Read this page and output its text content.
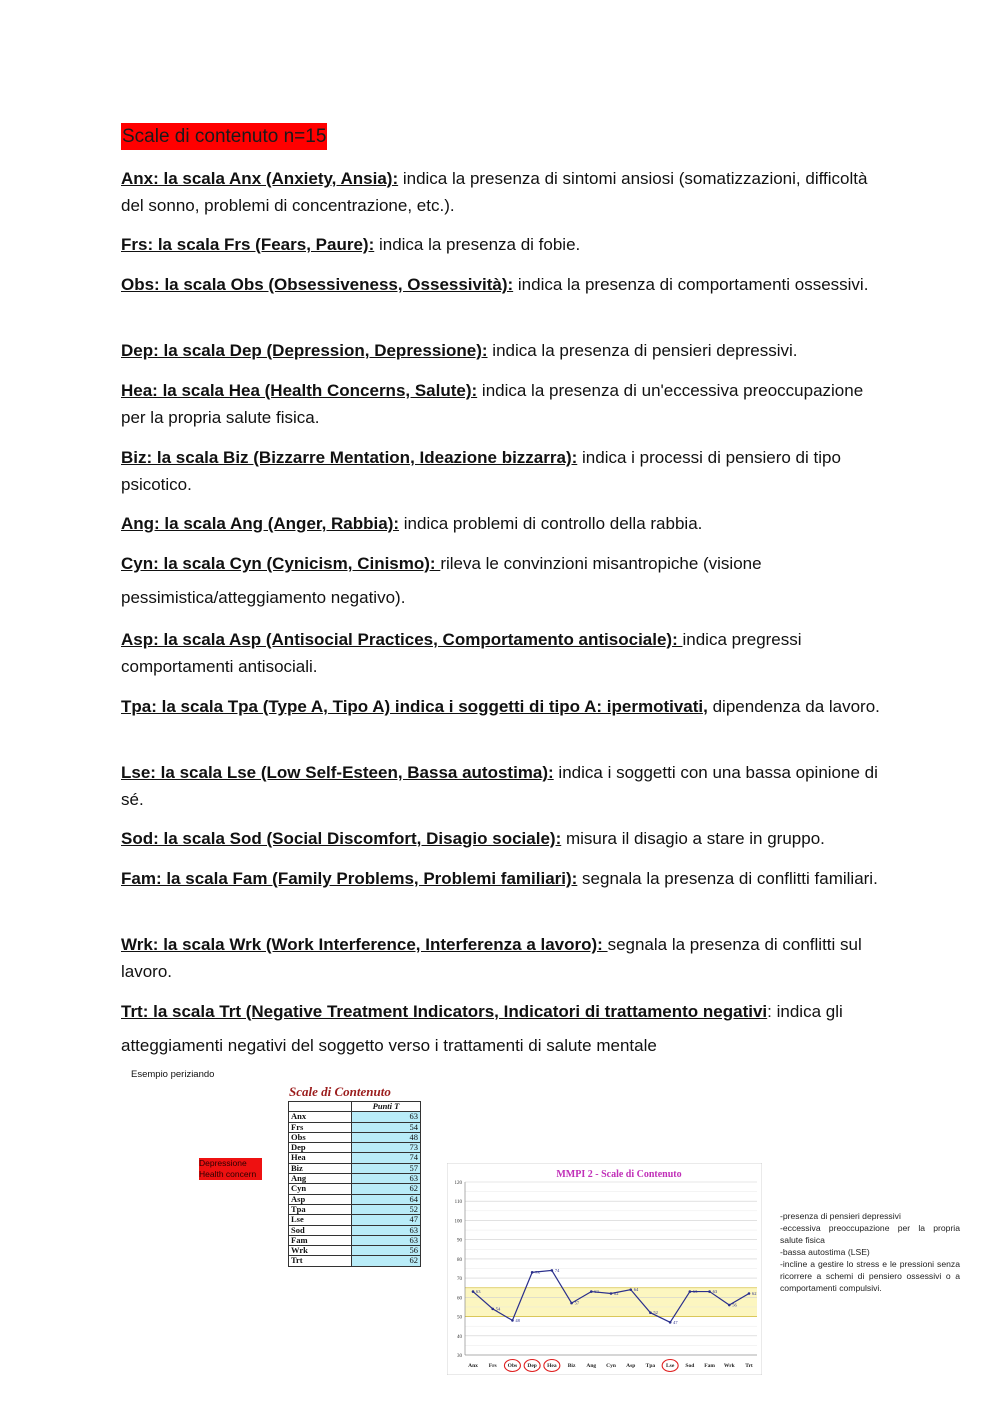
Scale di contenuto n=15

Anx: la scala Anx (Anxiety, Ansia): indica la presenza di sintomi ansiosi (somatizzazioni, difficoltà del sonno, problemi di concentrazione, etc.).

Frs: la scala Frs (Fears, Paure): indica la presenza di fobie.

Obs: la scala Obs (Obsessiveness, Ossessività): indica la presenza di comportamenti ossessivi.

Dep: la scala Dep (Depression, Depressione): indica la presenza di pensieri depressivi.

Hea: la scala Hea (Health Concerns, Salute): indica la presenza di un'eccessiva preoccupazione per la propria salute fisica.

Biz: la scala Biz (Bizzarre Mentation, Ideazione bizzarra): indica i processi di pensiero di tipo psicotico.

Ang: la scala Ang (Anger, Rabbia): indica problemi di controllo della rabbia.

Cyn: la scala Cyn (Cynicism, Cinismo): rileva le convinzioni misantropiche (visione pessimistica/atteggiamento negativo).

Asp: la scala Asp (Antisocial Practices, Comportamento antisociale): indica pregressi comportamenti antisociali.

Tpa: la scala Tpa (Type A, Tipo A) indica i soggetti di tipo A: ipermotivati, dipendenza da lavoro.

Lse: la scala Lse (Low Self-Esteen, Bassa autostima): indica i soggetti con una bassa opinione di sé.

Sod: la scala Sod (Social Discomfort, Disagio sociale): misura il disagio a stare in gruppo.

Fam: la scala Fam (Family Problems, Problemi familiari): segnala la presenza di conflitti familiari.

Wrk: la scala Wrk (Work Interference, Interferenza a lavoro): segnala la presenza di conflitti sul lavoro.

Trt: la scala Trt (Negative Treatment Indicators, Indicatori di trattamento negativi: indica gli atteggiamenti negativi del soggetto verso i trattamenti di salute mentale

Esempio periziando
Scale di Contenuto
	Punti T
Anx	63
Frs	54
Obs	48
Dep	73
Hea	74
Biz	57
Ang	63
Cyn	62
Asp	64
Tpa	52
Lse	47
Sod	63
Fam	63
Wrk	56
Trt	62
Depressione
Health concern
30
40
50
60
70
80
90
100
110
120
MMPI 2 - Scale di Contenuto
63
54
48
73	74
57
63	62
64
52
47
63	63
56
62
Anx Frs Obs Dep Hea Biz Ang Cyn Asp Tpa Lse Sod Fam Wrk Trt
-presenza di pensieri depressivi
-eccessiva preoccupazione per la propria salute fisica
-bassa autostima (LSE)
-incline a gestire lo stress e le pressioni senza ricorrere a schemi di pensiero ossessivi o a comportamenti compulsivi.
